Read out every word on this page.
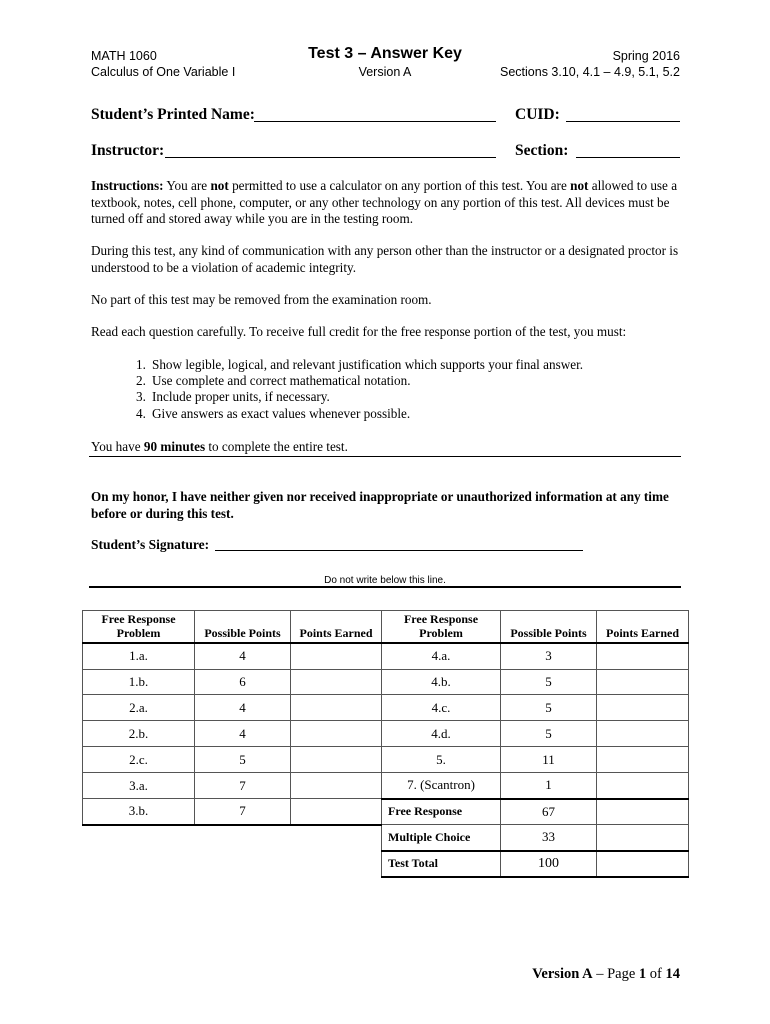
MATH 1060
Calculus of One Variable I
Test 3 – Answer Key
Version A
Spring 2016
Sections 3.10, 4.1 – 4.9, 5.1, 5.2
Student’s Printed Name:	CUID:
Instructor:	Section:
Instructions: You are not permitted to use a calculator on any portion of this test. You are not allowed to use a textbook, notes, cell phone, computer, or any other technology on any portion of this test. All devices must be turned off and stored away while you are in the testing room.
During this test, any kind of communication with any person other than the instructor or a designated proctor is understood to be a violation of academic integrity.
No part of this test may be removed from the examination room.
Read each question carefully. To receive full credit for the free response portion of the test, you must:
1. Show legible, logical, and relevant justification which supports your final answer.
2. Use complete and correct mathematical notation.
3. Include proper units, if necessary.
4. Give answers as exact values whenever possible.
You have 90 minutes to complete the entire test.
On my honor, I have neither given nor received inappropriate or unauthorized information at any time before or during this test.
Student’s Signature:
Do not write below this line.
Free Response Problem	Possible Points	Points Earned	Free Response Problem	Possible Points	Points Earned
1.a.	4		4.a.	3	
1.b.	6		4.b.	5	
2.a.	4		4.c.	5	
2.b.	4		4.d.	5	
2.c.	5		5.	11	
3.a.	7		7. (Scantron)	1	
3.b.	7		Free Response	67	
			Multiple Choice	33	
			Test Total	100	
Version A – Page 1 of 14
